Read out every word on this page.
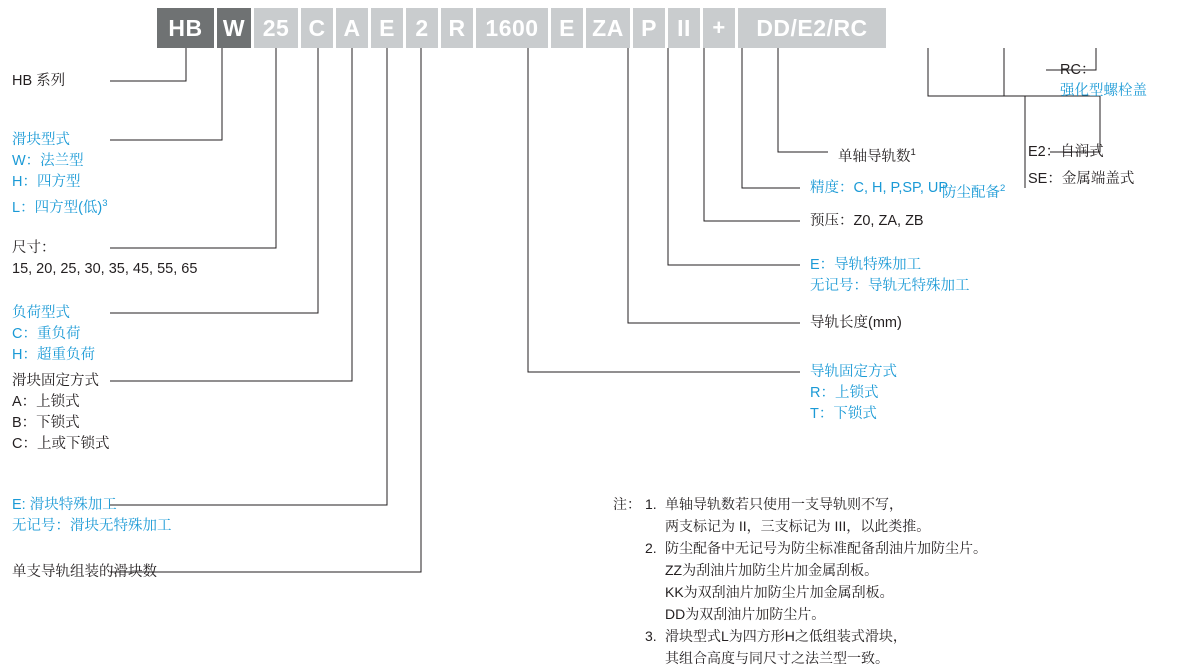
HB W 25 C A E 2 R 1600 E ZA P II +	DD/E2/RC
HB 系列
滑块型式
W：法兰型
H：四方型
L：四方型(低)$^3$
尺寸：
15, 20, 25, 30, 35, 45, 55, 65
负荷型式
C：重负荷
H：超重负荷
滑块固定方式
A：上锁式
B：下锁式
C：上或下锁式
E: 滑块特殊加工
无记号：滑块无特殊加工
单支导轨组装的滑块数
导轨固定方式
R：上锁式
T：下锁式
导轨长度(mm)
E：导轨特殊加工
无记号：导轨无特殊加工
预压：Z0, ZA, ZB
精度：C, H, P,SP, UP
单轴导轨数$^1$
防尘配备$^2$
E2：自润式
SE：金属端盖式
RC：
强化型螺栓盖
注： 1. 单轴导轨数若只使用一支导轨则不写，
两支标记为 II，三支标记为 III，以此类推。
2. 防尘配备中无记号为防尘标准配备刮油片加防尘片。
ZZ为刮油片加防尘片加金属刮板。
KK为双刮油片加防尘片加金属刮板。
DD为双刮油片加防尘片。
3. 滑块型式L为四方形H之低组装式滑块，
其组合高度与同尺寸之法兰型一致。
